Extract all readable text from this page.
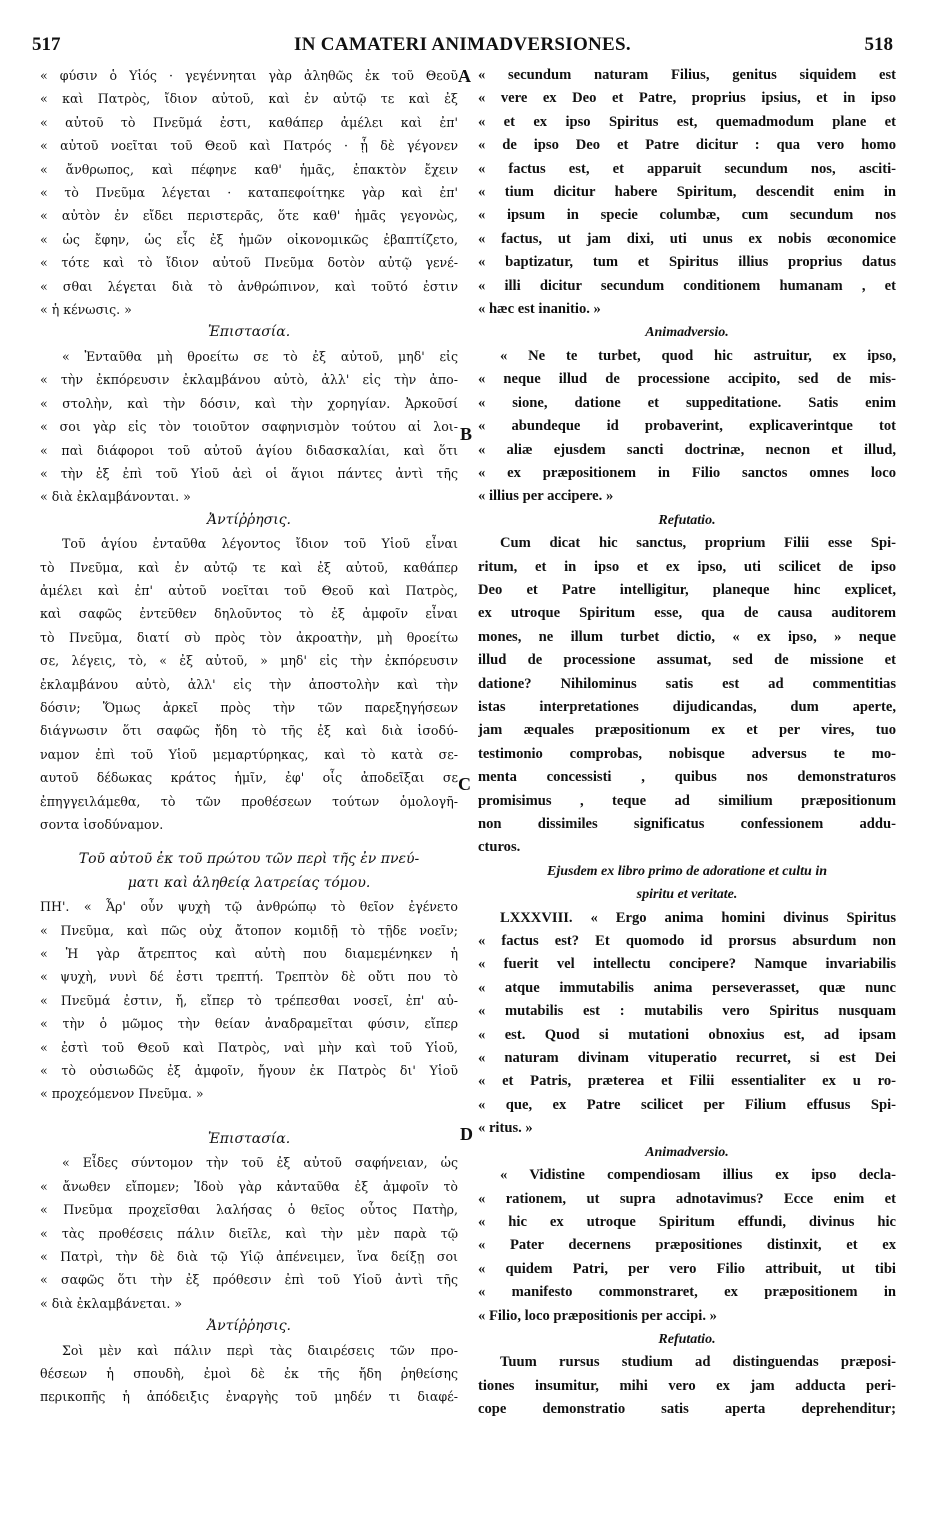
517	IN CAMATERI ANIMADVERSIONES.	518
A
B
C
D
« φύσιν ὁ Υἱός · γεγέννηται γὰρ ἀληθῶς ἐκ τοῦ Θεοῦ
« καὶ Πατρὸς, ἴδιον αὐτοῦ, καὶ ἐν αὐτῷ τε καὶ ἐξ
« αὐτοῦ τὸ Πνεῦμά ἐστι, καθάπερ ἀμέλει καὶ ἐπ'
« αὐτοῦ νοεῖται τοῦ Θεοῦ καὶ Πατρός · ᾗ δὲ γέγονεν
« ἄνθρωπος, καὶ πέφηνε καθ' ἡμᾶς, ἐπακτὸν ἔχειν
« τὸ Πνεῦμα λέγεται · καταπεφοίτηκε γὰρ καὶ ἐπ'
« αὐτὸν ἐν εἴδει περιστερᾶς, ὅτε καθ' ἡμᾶς γεγονὼς,
« ὡς ἔφην, ὡς εἷς ἐξ ἡμῶν οἰκονομικῶς ἐβαπτίζετο,
« τότε καὶ τὸ ἴδιον αὐτοῦ Πνεῦμα δοτὸν αὐτῷ γενέ-
« σθαι λέγεται διὰ τὸ ἀνθρώπινον, καὶ τοῦτό ἐστιν
« ἡ κένωσις. »
Ἐπιστασία.
« Ἐνταῦθα μὴ θροείτω σε τὸ ἐξ αὐτοῦ, μηδ' εἰς
« τὴν ἐκπόρευσιν ἐκλαμβάνου αὐτὸ, ἀλλ' εἰς τὴν ἀπο-
« στολὴν, καὶ τὴν δόσιν, καὶ τὴν χορηγίαν. Ἀρκοῦσί
« σοι γὰρ εἰς τὸν τοιοῦτον σαφηνισμὸν τούτου αἱ λοι-
« παὶ διάφοροι τοῦ αὐτοῦ ἁγίου διδασκαλίαι, καὶ ὅτι
« τὴν ἐξ ἐπὶ τοῦ Υἱοῦ ἀεὶ οἱ ἅγιοι πάντες ἀντὶ τῆς
« διὰ ἐκλαμβάνονται. »
Ἀντίῤῥησις.
Τοῦ ἁγίου ἐνταῦθα λέγοντος ἴδιον τοῦ Υἱοῦ εἶναι
τὸ Πνεῦμα, καὶ ἐν αὐτῷ τε καὶ ἐξ αὐτοῦ, καθάπερ
ἀμέλει καὶ ἐπ' αὐτοῦ νοεῖται τοῦ Θεοῦ καὶ Πατρὸς,
καὶ σαφῶς ἐντεῦθεν δηλοῦντος τὸ ἐξ ἀμφοῖν εἶναι
τὸ Πνεῦμα, διατί σὺ πρὸς τὸν ἀκροατὴν, μὴ θροείτω
σε, λέγεις, τὸ, « ἐξ αὐτοῦ, » μηδ' εἰς τὴν ἐκπόρευσιν
ἐκλαμβάνου αὐτὸ, ἀλλ' εἰς τὴν ἀποστολὴν καὶ τὴν
δόσιν; Ὅμως ἀρκεῖ πρὸς τὴν τῶν παρεξηγήσεων
διάγνωσιν ὅτι σαφῶς ἤδη τὸ τῆς ἐξ καὶ διὰ ἰσοδύ-
ναμον ἐπὶ τοῦ Υἱοῦ μεμαρτύρηκας, καὶ τὸ κατὰ σε-
αυτοῦ δέδωκας κράτος ἡμῖν, ἐφ' οἷς ἀποδεῖξαι σε
ἐπηγγειλάμεθα, τὸ τῶν προθέσεων τούτων ὁμολογῆ-
σοντα ἰσοδύναμον.
Τοῦ αὐτοῦ ἐκ τοῦ πρώτου τῶν περὶ τῆς ἐν πνεύ-
ματι καὶ ἀληθείᾳ λατρείας τόμου.
ΠΗ'. « Ἆρ' οὖν ψυχὴ τῷ ἀνθρώπῳ τὸ θεῖον ἐγένετο
« Πνεῦμα, καὶ πῶς οὐχ ἄτοπον κομιδῇ τὸ τῇδε νοεῖν;
« Ἡ γὰρ ἄτρεπτος καὶ αὐτὴ που διαμεμένηκεν ἡ
« ψυχὴ, νυνὶ δέ ἐστι τρεπτή. Τρεπτὸν δὲ οὔτι που τὸ
« Πνεῦμά ἐστιν, ἤ, εἴπερ τὸ τρέπεσθαι νοσεῖ, ἐπ' αὐ-
« τὴν ὁ μῶμος τὴν θείαν ἀναδραμεῖται φύσιν, εἴπερ
« ἐστὶ τοῦ Θεοῦ καὶ Πατρὸς, ναὶ μὴν καὶ τοῦ Υἱοῦ,
« τὸ οὐσιωδῶς ἐξ ἀμφοῖν, ἤγουν ἐκ Πατρὸς δι' Υἱοῦ
« προχεόμενον Πνεῦμα. »
Ἐπιστασία.
« Εἶδες σύντομον τὴν τοῦ ἐξ αὐτοῦ σαφήνειαν, ὡς
« ἄνωθεν εἴπομεν; Ἰδοὺ γὰρ κἀνταῦθα ἐξ ἀμφοῖν τὸ
« Πνεῦμα προχεῖσθαι λαλήσας ὁ θεῖος οὗτος Πατὴρ,
« τὰς προθέσεις πάλιν διεῖλε, καὶ τὴν μὲν παρὰ τῷ
« Πατρὶ, τὴν δὲ διὰ τῷ Υἱῷ ἀπένειμεν, ἵνα δείξῃ σοι
« σαφῶς ὅτι τὴν ἐξ πρόθεσιν ἐπὶ τοῦ Υἱοῦ ἀντὶ τῆς
« διὰ ἐκλαμβάνεται. »
Ἀντίῤῥησις.
Σοὶ μὲν καὶ πάλιν περὶ τὰς διαιρέσεις τῶν προ-
θέσεων ἡ σπουδὴ, ἐμοὶ δὲ ἐκ τῆς ἤδη ῥηθείσης
περικοπῆς ἡ ἀπόδειξις ἐναργὴς τοῦ μηδέν τι διαφέ-
« secundum naturam Filius, genitus siquidem est
« vere ex Deo et Patre, proprius ipsius, et in ipso
« et ex ipso Spiritus est, quemadmodum plane et
« de ipso Deo et Patre dicitur : qua vero homo
« factus est, et apparuit secundum nos, asciti-
« tium dicitur habere Spiritum, descendit enim in
« ipsum in specie columbæ, cum secundum nos
« factus, ut jam dixi, uti unus ex nobis œconomice
« baptizatur, tum et Spiritus illius proprius datus
« illi dicitur secundum conditionem humanam , et
« hæc est inanitio. »
Animadversio.
« Ne te turbet, quod hic astruitur, ex ipso,
« neque illud de processione accipito, sed de mis-
« sione, datione et suppeditatione. Satis enim
« abundeque id probaverint, explicaverintque tot
« aliæ ejusdem sancti doctrinæ, necnon et illud,
« ex præpositionem in Filio sanctos omnes loco
« illius per accipere. »
Refutatio.
Cum dicat hic sanctus, proprium Filii esse Spi-
ritum, et in ipso et ex ipso, uti scilicet de ipso
Deo et Patre intelligitur, planeque hinc explicet,
ex utroque Spiritum esse, qua de causa auditorem
mones, ne illum turbet dictio, « ex ipso, » neque
illud de processione assumat, sed de missione et
datione? Nihilominus satis est ad commentitias
istas interpretationes dijudicandas, dum aperte,
jam æquales præpositionum ex et per vires, tuo
testimonio comprobas, nobisque adversus te mo-
menta concessisti , quibus nos demonstraturos
promisimus , teque ad similium præpositionum
non dissimiles significatus confessionem addu-
cturos.
Ejusdem ex libro primo de adoratione et cultu in
spiritu et veritate.
LXXXVIII. « Ergo anima homini divinus Spiritus
« factus est? Et quomodo id prorsus absurdum non
« fuerit vel intellectu concipere? Namque invariabilis
« atque immutabilis anima perseverasset, quæ nunc
« mutabilis est : mutabilis vero Spiritus nusquam
« est. Quod si mutationi obnoxius est, ad ipsam
« naturam divinam vituperatio recurret, si est Dei
« et Patris, præterea et Filii essentialiter ex u ro-
« que, ex Patre scilicet per Filium effusus Spi-
« ritus. »
Animadversio.
« Vidistine compendiosam illius ex ipso decla-
« rationem, ut supra adnotavimus? Ecce enim et
« hic ex utroque Spiritum effundi, divinus hic
« Pater decernens præpositiones distinxit, et ex
« quidem Patri, per vero Filio attribuit, ut tibi
« manifesto commonstraret, ex præpositionem in
« Filio, loco præpositionis per accipi. »
Refutatio.
Tuum rursus studium ad distinguendas præposi-
tiones insumitur, mihi vero ex jam adducta peri-
cope demonstratio satis aperta deprehenditur;
